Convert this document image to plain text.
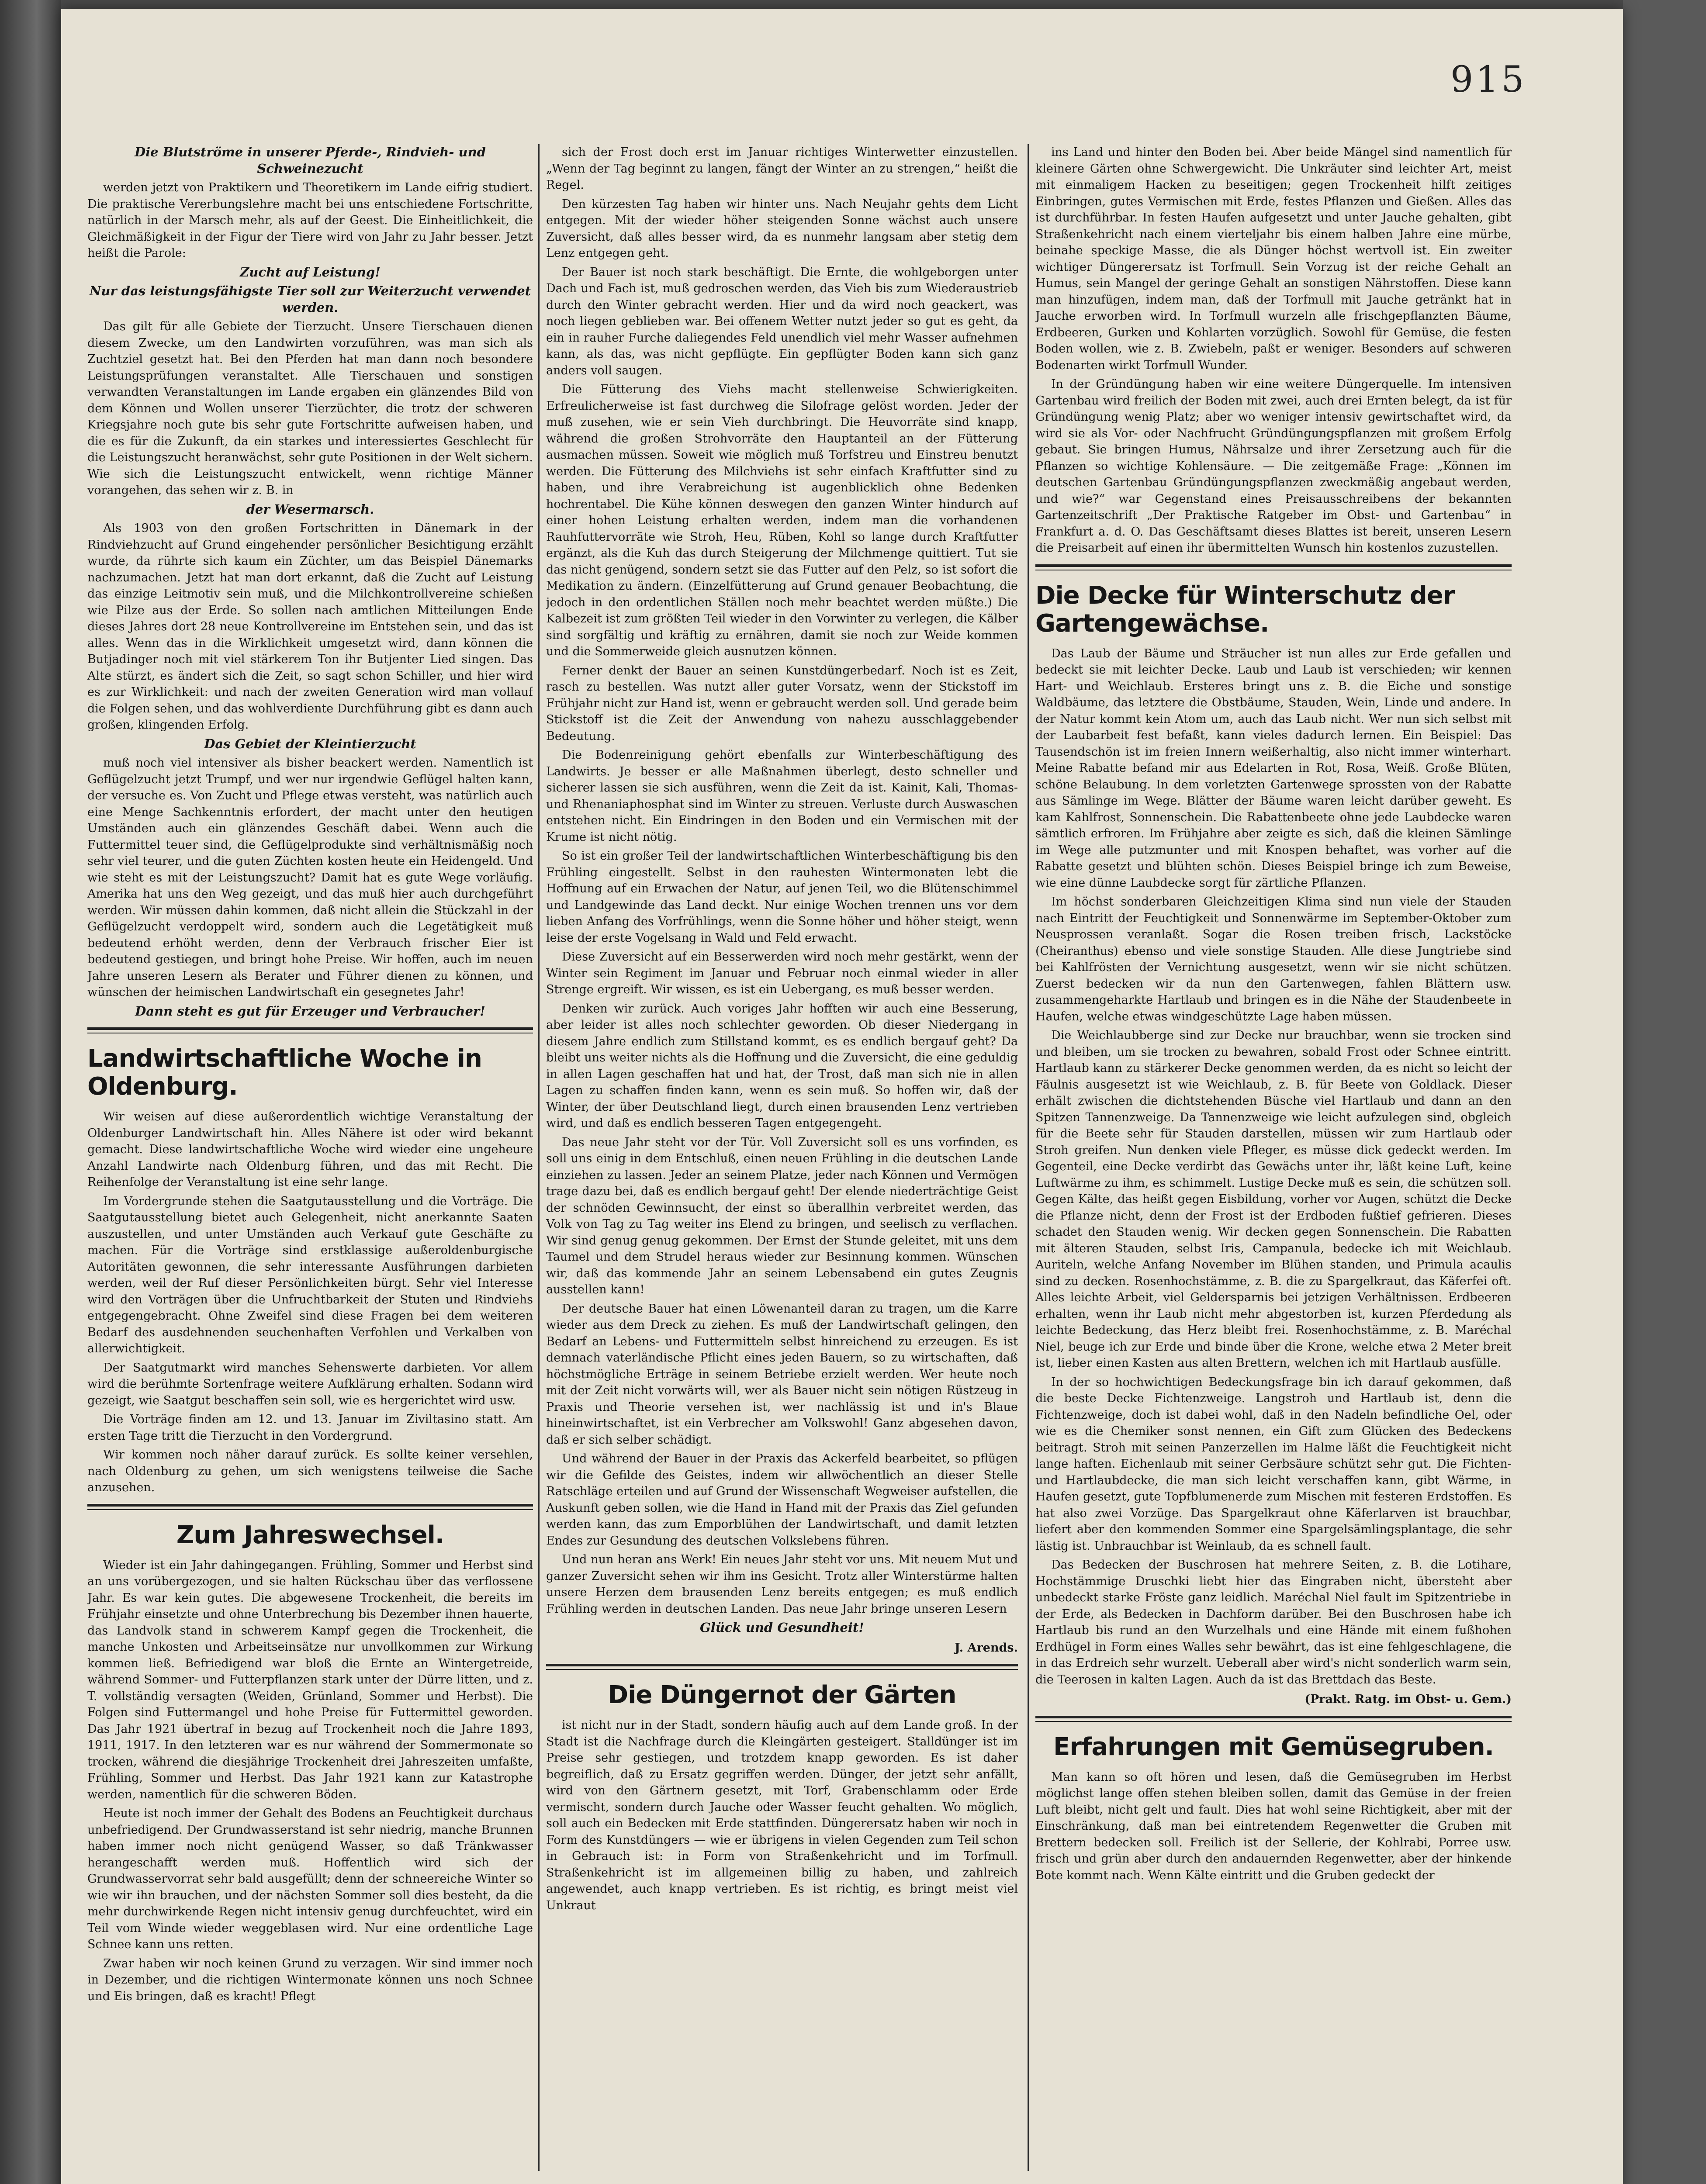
915

Die Blutströme in unserer Pferde-, Rindvieh- und Schweinezucht

werden jetzt von Praktikern und Theoretikern im Lande eifrig studiert. Die praktische Vererbungslehre macht bei uns entschiedene Fortschritte, natürlich in der Marsch mehr, als auf der Geest. Die Einheitlichkeit, die Gleichmäßigkeit in der Figur der Tiere wird von Jahr zu Jahr besser. Jetzt heißt die Parole:

Zucht auf Leistung!

Nur das leistungsfähigste Tier soll zur Weiterzucht verwendet werden.

Das gilt für alle Gebiete der Tierzucht. Unsere Tierschauen dienen diesem Zwecke, um den Landwirten vorzuführen, was man sich als Zuchtziel gesetzt hat. Bei den Pferden hat man dann noch besondere Leistungsprüfungen veranstaltet. Alle Tierschauen und sonstigen verwandten Veranstaltungen im Lande ergaben ein glänzendes Bild von dem Können und Wollen unserer Tierzüchter, die trotz der schweren Kriegsjahre noch gute bis sehr gute Fortschritte aufweisen haben, und die es für die Zukunft, da ein starkes und interessiertes Geschlecht für die Leistungszucht heranwächst, sehr gute Positionen in der Welt sichern. Wie sich die Leistungszucht entwickelt, wenn richtige Männer vorangehen, das sehen wir z. B. in

der Wesermarsch.

Als 1903 von den großen Fortschritten in Dänemark in der Rindviehzucht auf Grund eingehender persönlicher Besichtigung erzählt wurde, da rührte sich kaum ein Züchter, um das Beispiel Dänemarks nachzumachen. Jetzt hat man dort erkannt, daß die Zucht auf Leistung das einzige Leitmotiv sein muß, und die Milchkontrollvereine schießen wie Pilze aus der Erde. So sollen nach amtlichen Mitteilungen Ende dieses Jahres dort 28 neue Kontrollvereine im Entstehen sein, und das ist alles. Wenn das in die Wirklichkeit umgesetzt wird, dann können die Butjadinger noch mit viel stärkerem Ton ihr Butjenter Lied singen. Das Alte stürzt, es ändert sich die Zeit, so sagt schon Schiller, und hier wird es zur Wirklichkeit: und nach der zweiten Generation wird man vollauf die Folgen sehen, und das wohlverdiente Durchführung gibt es dann auch großen, klingenden Erfolg.

Das Gebiet der Kleintierzucht

muß noch viel intensiver als bisher beackert werden. Namentlich ist Geflügelzucht jetzt Trumpf, und wer nur irgendwie Geflügel halten kann, der versuche es. Von Zucht und Pflege etwas versteht, was natürlich auch eine Menge Sachkenntnis erfordert, der macht unter den heutigen Umständen auch ein glänzendes Geschäft dabei. Wenn auch die Futtermittel teuer sind, die Geflügelprodukte sind verhältnismäßig noch sehr viel teurer, und die guten Züchten kosten heute ein Heidengeld. Und wie steht es mit der Leistungszucht? Damit hat es gute Wege vorläufig. Amerika hat uns den Weg gezeigt, und das muß hier auch durchgeführt werden. Wir müssen dahin kommen, daß nicht allein die Stückzahl in der Geflügelzucht verdoppelt wird, sondern auch die Legetätigkeit muß bedeutend erhöht werden, denn der Verbrauch frischer Eier ist bedeutend gestiegen, und bringt hohe Preise. Wir hoffen, auch im neuen Jahre unseren Lesern als Berater und Führer dienen zu können, und wünschen der heimischen Landwirtschaft ein gesegnetes Jahr!

Dann steht es gut für Erzeuger und Verbraucher!

Landwirtschaftliche Woche in Oldenburg.

Wir weisen auf diese außerordentlich wichtige Veranstaltung der Oldenburger Landwirtschaft hin. Alles Nähere ist oder wird bekannt gemacht. Diese landwirtschaftliche Woche wird wieder eine ungeheure Anzahl Landwirte nach Oldenburg führen, und das mit Recht. Die Reihenfolge der Veranstaltung ist eine sehr lange.

Im Vordergrunde stehen die Saatgutausstellung und die Vorträge. Die Saatgutausstellung bietet auch Gelegenheit, nicht anerkannte Saaten auszustellen, und unter Umständen auch Verkauf gute Geschäfte zu machen. Für die Vorträge sind erstklassige außeroldenburgische Autoritäten gewonnen, die sehr interessante Ausführungen darbieten werden, weil der Ruf dieser Persönlichkeiten bürgt. Sehr viel Interesse wird den Vorträgen über die Unfruchtbarkeit der Stuten und Rindviehs entgegengebracht. Ohne Zweifel sind diese Fragen bei dem weiteren Bedarf des ausdehnenden seuchenhaften Verfohlen und Verkalben von allerwichtigkeit.

Der Saatgutmarkt wird manches Sehenswerte darbieten. Vor allem wird die berühmte Sortenfrage weitere Aufklärung erhalten. Sodann wird gezeigt, wie Saatgut beschaffen sein soll, wie es hergerichtet wird usw.

Die Vorträge finden am 12. und 13. Januar im Ziviltasino statt. Am ersten Tage tritt die Tierzucht in den Vordergrund.

Wir kommen noch näher darauf zurück. Es sollte keiner versehlen, nach Oldenburg zu gehen, um sich wenigstens teilweise die Sache anzusehen.

Zum Jahreswechsel.

Wieder ist ein Jahr dahingegangen. Frühling, Sommer und Herbst sind an uns vorübergezogen, und sie halten Rückschau über das verflossene Jahr. Es war kein gutes. Die abgewesene Trockenheit, die bereits im Frühjahr einsetzte und ohne Unterbrechung bis Dezember ihnen hauerte, das Landvolk stand in schwerem Kampf gegen die Trockenheit, die manche Unkosten und Arbeitseinsätze nur unvollkommen zur Wirkung kommen ließ. Befriedigend war bloß die Ernte an Wintergetreide, während Sommer- und Futterpflanzen stark unter der Dürre litten, und z. T. vollständig versagten (Weiden, Grünland, Sommer und Herbst). Die Folgen sind Futtermangel und hohe Preise für Futtermittel geworden. Das Jahr 1921 übertraf in bezug auf Trockenheit noch die Jahre 1893, 1911, 1917. In den letzteren war es nur während der Sommermonate so trocken, während die diesjährige Trockenheit drei Jahreszeiten umfaßte, Frühling, Sommer und Herbst. Das Jahr 1921 kann zur Katastrophe werden, namentlich für die schweren Böden.

Heute ist noch immer der Gehalt des Bodens an Feuchtigkeit durchaus unbefriedigend. Der Grundwasserstand ist sehr niedrig, manche Brunnen haben immer noch nicht genügend Wasser, so daß Tränkwasser herangeschafft werden muß. Hoffentlich wird sich der Grundwasservorrat sehr bald ausgefüllt; denn der schneereiche Winter so wie wir ihn brauchen, und der nächsten Sommer soll dies besteht, da die mehr durchwirkende Regen nicht intensiv genug durchfeuchtet, wird ein Teil vom Winde wieder weggeblasen wird. Nur eine ordentliche Lage Schnee kann uns retten.

Zwar haben wir noch keinen Grund zu verzagen. Wir sind immer noch in Dezember, und die richtigen Wintermonate können uns noch Schnee und Eis bringen, daß es kracht! Pflegt

sich der Frost doch erst im Januar richtiges Winterwetter einzustellen. „Wenn der Tag beginnt zu langen, fängt der Winter an zu strengen,“ heißt die Regel.

Den kürzesten Tag haben wir hinter uns. Nach Neujahr gehts dem Licht entgegen. Mit der wieder höher steigenden Sonne wächst auch unsere Zuversicht, daß alles besser wird, da es nunmehr langsam aber stetig dem Lenz entgegen geht.

Der Bauer ist noch stark beschäftigt. Die Ernte, die wohlgeborgen unter Dach und Fach ist, muß gedroschen werden, das Vieh bis zum Wiederaustrieb durch den Winter gebracht werden. Hier und da wird noch geackert, was noch liegen geblieben war. Bei offenem Wetter nutzt jeder so gut es geht, da ein in rauher Furche daliegendes Feld unendlich viel mehr Wasser aufnehmen kann, als das, was nicht gepflügte. Ein gepflügter Boden kann sich ganz anders voll saugen.

Die Fütterung des Viehs macht stellenweise Schwierigkeiten. Erfreulicherweise ist fast durchweg die Silofrage gelöst worden. Jeder der muß zusehen, wie er sein Vieh durchbringt. Die Heuvorräte sind knapp, während die großen Strohvorräte den Hauptanteil an der Fütterung ausmachen müssen. Soweit wie möglich muß Torfstreu und Einstreu benutzt werden. Die Fütterung des Milchviehs ist sehr einfach Kraftfutter sind zu haben, und ihre Verabreichung ist augenblicklich ohne Bedenken hochrentabel. Die Kühe können deswegen den ganzen Winter hindurch auf einer hohen Leistung erhalten werden, indem man die vorhandenen Rauhfuttervorräte wie Stroh, Heu, Rüben, Kohl so lange durch Kraftfutter ergänzt, als die Kuh das durch Steigerung der Milchmenge quittiert. Tut sie das nicht genügend, sondern setzt sie das Futter auf den Pelz, so ist sofort die Medikation zu ändern. (Einzelfütterung auf Grund genauer Beobachtung, die jedoch in den ordentlichen Ställen noch mehr beachtet werden müßte.) Die Kalbezeit ist zum größten Teil wieder in den Vorwinter zu verlegen, die Kälber sind sorgfältig und kräftig zu ernähren, damit sie noch zur Weide kommen und die Sommerweide gleich ausnutzen können.

Ferner denkt der Bauer an seinen Kunstdüngerbedarf. Noch ist es Zeit, rasch zu bestellen. Was nutzt aller guter Vorsatz, wenn der Stickstoff im Frühjahr nicht zur Hand ist, wenn er gebraucht werden soll. Und gerade beim Stickstoff ist die Zeit der Anwendung von nahezu ausschlaggebender Bedeutung.

Die Bodenreinigung gehört ebenfalls zur Winterbeschäftigung des Landwirts. Je besser er alle Maßnahmen überlegt, desto schneller und sicherer lassen sie sich ausführen, wenn die Zeit da ist. Kainit, Kali, Thomas- und Rhenaniaphosphat sind im Winter zu streuen. Verluste durch Auswaschen entstehen nicht. Ein Eindringen in den Boden und ein Vermischen mit der Krume ist nicht nötig.

So ist ein großer Teil der landwirtschaftlichen Winterbeschäftigung bis den Frühling eingestellt. Selbst in den rauhesten Wintermonaten lebt die Hoffnung auf ein Erwachen der Natur, auf jenen Teil, wo die Blütenschimmel und Landgewinde das Land deckt. Nur einige Wochen trennen uns vor dem lieben Anfang des Vorfrühlings, wenn die Sonne höher und höher steigt, wenn leise der erste Vogelsang in Wald und Feld erwacht.

Diese Zuversicht auf ein Besserwerden wird noch mehr gestärkt, wenn der Winter sein Regiment im Januar und Februar noch einmal wieder in aller Strenge ergreift. Wir wissen, es ist ein Uebergang, es muß besser werden.

Denken wir zurück. Auch voriges Jahr hofften wir auch eine Besserung, aber leider ist alles noch schlechter geworden. Ob dieser Niedergang in diesem Jahre endlich zum Stillstand kommt, es es endlich bergauf geht? Da bleibt uns weiter nichts als die Hoffnung und die Zuversicht, die eine geduldig in allen Lagen geschaffen hat und hat, der Trost, daß man sich nie in allen Lagen zu schaffen finden kann, wenn es sein muß. So hoffen wir, daß der Winter, der über Deutschland liegt, durch einen brausenden Lenz vertrieben wird, und daß es endlich besseren Tagen entgegengeht.

Das neue Jahr steht vor der Tür. Voll Zuversicht soll es uns vorfinden, es soll uns einig in dem Entschluß, einen neuen Frühling in die deutschen Lande einziehen zu lassen. Jeder an seinem Platze, jeder nach Können und Vermögen trage dazu bei, daß es endlich bergauf geht! Der elende niederträchtige Geist der schnöden Gewinnsucht, der einst so überallhin verbreitet werden, das Volk von Tag zu Tag weiter ins Elend zu bringen, und seelisch zu verflachen. Wir sind genug genug gekommen. Der Ernst der Stunde geleitet, mit uns dem Taumel und dem Strudel heraus wieder zur Besinnung kommen. Wünschen wir, daß das kommende Jahr an seinem Lebensabend ein gutes Zeugnis ausstellen kann!

Der deutsche Bauer hat einen Löwenanteil daran zu tragen, um die Karre wieder aus dem Dreck zu ziehen. Es muß der Landwirtschaft gelingen, den Bedarf an Lebens- und Futtermitteln selbst hinreichend zu erzeugen. Es ist demnach vaterländische Pflicht eines jeden Bauern, so zu wirtschaften, daß höchstmögliche Erträge in seinem Betriebe erzielt werden. Wer heute noch mit der Zeit nicht vorwärts will, wer als Bauer nicht sein nötigen Rüstzeug in Praxis und Theorie versehen ist, wer nachlässig ist und in's Blaue hineinwirtschaftet, ist ein Verbrecher am Volkswohl! Ganz abgesehen davon, daß er sich selber schädigt.

Und während der Bauer in der Praxis das Ackerfeld bearbeitet, so pflügen wir die Gefilde des Geistes, indem wir allwöchentlich an dieser Stelle Ratschläge erteilen und auf Grund der Wissenschaft Wegweiser aufstellen, die Auskunft geben sollen, wie die Hand in Hand mit der Praxis das Ziel gefunden werden kann, das zum Emporblühen der Landwirtschaft, und damit letzten Endes zur Gesundung des deutschen Volkslebens führen.

Und nun heran ans Werk! Ein neues Jahr steht vor uns. Mit neuem Mut und ganzer Zuversicht sehen wir ihm ins Gesicht. Trotz aller Winterstürme halten unsere Herzen dem brausenden Lenz bereits entgegen; es muß endlich Frühling werden in deutschen Landen. Das neue Jahr bringe unseren Lesern

Glück und Gesundheit!

J. Arends.
Die Düngernot der Gärten

ist nicht nur in der Stadt, sondern häufig auch auf dem Lande groß. In der Stadt ist die Nachfrage durch die Kleingärten gesteigert. Stalldünger ist im Preise sehr gestiegen, und trotzdem knapp geworden. Es ist daher begreiflich, daß zu Ersatz gegriffen werden. Dünger, der jetzt sehr anfällt, wird von den Gärtnern gesetzt, mit Torf, Grabenschlamm oder Erde vermischt, sondern durch Jauche oder Wasser feucht gehalten. Wo möglich, soll auch ein Bedecken mit Erde stattfinden. Düngerersatz haben wir noch in Form des Kunstdüngers — wie er übrigens in vielen Gegenden zum Teil schon in Gebrauch ist: in Form von Straßenkehricht und im Torfmull. Straßenkehricht ist im allgemeinen billig zu haben, und zahlreich angewendet, auch knapp vertrieben. Es ist richtig, es bringt meist viel Unkraut

ins Land und hinter den Boden bei. Aber beide Mängel sind namentlich für kleinere Gärten ohne Schwergewicht. Die Unkräuter sind leichter Art, meist mit einmaligem Hacken zu beseitigen; gegen Trockenheit hilft zeitiges Einbringen, gutes Vermischen mit Erde, festes Pflanzen und Gießen. Alles das ist durchführbar. In festen Haufen aufgesetzt und unter Jauche gehalten, gibt Straßenkehricht nach einem vierteljahr bis einem halben Jahre eine mürbe, beinahe speckige Masse, die als Dünger höchst wertvoll ist. Ein zweiter wichtiger Düngerersatz ist Torfmull. Sein Vorzug ist der reiche Gehalt an Humus, sein Mangel der geringe Gehalt an sonstigen Nährstoffen. Diese kann man hinzufügen, indem man, daß der Torfmull mit Jauche getränkt hat in Jauche erworben wird. In Torfmull wurzeln alle frischgepflanzten Bäume, Erdbeeren, Gurken und Kohlarten vorzüglich. Sowohl für Gemüse, die festen Boden wollen, wie z. B. Zwiebeln, paßt er weniger. Besonders auf schweren Bodenarten wirkt Torfmull Wunder.

In der Gründüngung haben wir eine weitere Düngerquelle. Im intensiven Gartenbau wird freilich der Boden mit zwei, auch drei Ernten belegt, da ist für Gründüngung wenig Platz; aber wo weniger intensiv gewirtschaftet wird, da wird sie als Vor- oder Nachfrucht Gründüngungspflanzen mit großem Erfolg gebaut. Sie bringen Humus, Nährsalze und ihrer Zersetzung auch für die Pflanzen so wichtige Kohlensäure. — Die zeitgemäße Frage: „Können im deutschen Gartenbau Gründüngungspflanzen zweckmäßig angebaut werden, und wie?“ war Gegenstand eines Preisausschreibens der bekannten Gartenzeitschrift „Der Praktische Ratgeber im Obst- und Gartenbau“ in Frankfurt a. d. O. Das Geschäftsamt dieses Blattes ist bereit, unseren Lesern die Preisarbeit auf einen ihr übermittelten Wunsch hin kostenlos zuzustellen.

Die Decke für Winterschutz der Gartengewächse.

Das Laub der Bäume und Sträucher ist nun alles zur Erde gefallen und bedeckt sie mit leichter Decke. Laub und Laub ist verschieden; wir kennen Hart- und Weichlaub. Ersteres bringt uns z. B. die Eiche und sonstige Waldbäume, das letztere die Obstbäume, Stauden, Wein, Linde und andere. In der Natur kommt kein Atom um, auch das Laub nicht. Wer nun sich selbst mit der Laubarbeit fest befaßt, kann vieles dadurch lernen. Ein Beispiel: Das Tausendschön ist im freien Innern weißerhaltig, also nicht immer winterhart. Meine Rabatte befand mir aus Edelarten in Rot, Rosa, Weiß. Große Blüten, schöne Belaubung. In dem vorletzten Gartenwege sprossten von der Rabatte aus Sämlinge im Wege. Blätter der Bäume waren leicht darüber geweht. Es kam Kahlfrost, Sonnenschein. Die Rabattenbeete ohne jede Laubdecke waren sämtlich erfroren. Im Frühjahre aber zeigte es sich, daß die kleinen Sämlinge im Wege alle putzmunter und mit Knospen behaftet, was vorher auf die Rabatte gesetzt und blühten schön. Dieses Beispiel bringe ich zum Beweise, wie eine dünne Laubdecke sorgt für zärtliche Pflanzen.

Im höchst sonderbaren Gleichzeitigen Klima sind nun viele der Stauden nach Eintritt der Feuchtigkeit und Sonnenwärme im September-Oktober zum Neusprossen veranlaßt. Sogar die Rosen treiben frisch, Lackstöcke (Cheiranthus) ebenso und viele sonstige Stauden. Alle diese Jungtriebe sind bei Kahlfrösten der Vernichtung ausgesetzt, wenn wir sie nicht schützen. Zuerst bedecken wir da nun den Gartenwegen, fahlen Blättern usw. zusammengeharkte Hartlaub und bringen es in die Nähe der Staudenbeete in Haufen, welche etwas windgeschützte Lage haben müssen.

Die Weichlaubberge sind zur Decke nur brauchbar, wenn sie trocken sind und bleiben, um sie trocken zu bewahren, sobald Frost oder Schnee eintritt. Hartlaub kann zu stärkerer Decke genommen werden, da es nicht so leicht der Fäulnis ausgesetzt ist wie Weichlaub, z. B. für Beete von Goldlack. Dieser erhält zwischen die dichtstehenden Büsche viel Hartlaub und dann an den Spitzen Tannenzweige. Da Tannenzweige wie leicht aufzulegen sind, obgleich für die Beete sehr für Stauden darstellen, müssen wir zum Hartlaub oder Stroh greifen. Nun denken viele Pfleger, es müsse dick gedeckt werden. Im Gegenteil, eine Decke verdirbt das Gewächs unter ihr, läßt keine Luft, keine Luftwärme zu ihm, es schimmelt. Lustige Decke muß es sein, die schützen soll. Gegen Kälte, das heißt gegen Eisbildung, vorher vor Augen, schützt die Decke die Pflanze nicht, denn der Frost ist der Erdboden fußtief gefrieren. Dieses schadet den Stauden wenig. Wir decken gegen Sonnenschein. Die Rabatten mit älteren Stauden, selbst Iris, Campanula, bedecke ich mit Weichlaub. Auriteln, welche Anfang November im Blühen standen, und Primula acaulis sind zu decken. Rosenhochstämme, z. B. die zu Spargelkraut, das Käferfei oft. Alles leichte Arbeit, viel Geldersparnis bei jetzigen Verhältnissen. Erdbeeren erhalten, wenn ihr Laub nicht mehr abgestorben ist, kurzen Pferdedung als leichte Bedeckung, das Herz bleibt frei. Rosenhochstämme, z. B. Maréchal Niel, beuge ich zur Erde und binde über die Krone, welche etwa 2 Meter breit ist, lieber einen Kasten aus alten Brettern, welchen ich mit Hartlaub ausfülle.

In der so hochwichtigen Bedeckungsfrage bin ich darauf gekommen, daß die beste Decke Fichtenzweige. Langstroh und Hartlaub ist, denn die Fichtenzweige, doch ist dabei wohl, daß in den Nadeln befindliche Oel, oder wie es die Chemiker sonst nennen, ein Gift zum Glücken des Bedeckens beitragt. Stroh mit seinen Panzerzellen im Halme läßt die Feuchtigkeit nicht lange haften. Eichenlaub mit seiner Gerbsäure schützt sehr gut. Die Fichten- und Hartlaubdecke, die man sich leicht verschaffen kann, gibt Wärme, in Haufen gesetzt, gute Topfblumenerde zum Mischen mit festeren Erdstoffen. Es hat also zwei Vorzüge. Das Spargelkraut ohne Käferlarven ist brauchbar, liefert aber den kommenden Sommer eine Spargelsämlingsplantage, die sehr lästig ist. Unbrauchbar ist Weinlaub, da es schnell fault.

Das Bedecken der Buschrosen hat mehrere Seiten, z. B. die Lotihare, Hochstämmige Druschki liebt hier das Eingraben nicht, übersteht aber unbedeckt starke Fröste ganz leidlich. Maréchal Niel fault im Spitzentriebe in der Erde, als Bedecken in Dachform darüber. Bei den Buschrosen habe ich Hartlaub bis rund an den Wurzelhals und eine Hände mit einem fußhohen Erdhügel in Form eines Walles sehr bewährt, das ist eine fehlgeschlagene, die in das Erdreich sehr wurzelt. Ueberall aber wird's nicht sonderlich warm sein, die Teerosen in kalten Lagen. Auch da ist das Brettdach das Beste.

(Prakt. Ratg. im Obst- u. Gem.)
Erfahrungen mit Gemüsegruben.

Man kann so oft hören und lesen, daß die Gemüsegruben im Herbst möglichst lange offen stehen bleiben sollen, damit das Gemüse in der freien Luft bleibt, nicht gelt und fault. Dies hat wohl seine Richtigkeit, aber mit der Einschränkung, daß man bei eintretendem Regenwetter die Gruben mit Brettern bedecken soll. Freilich ist der Sellerie, der Kohlrabi, Porree usw. frisch und grün aber durch den andauernden Regenwetter, aber der hinkende Bote kommt nach. Wenn Kälte eintritt und die Gruben gedeckt der
